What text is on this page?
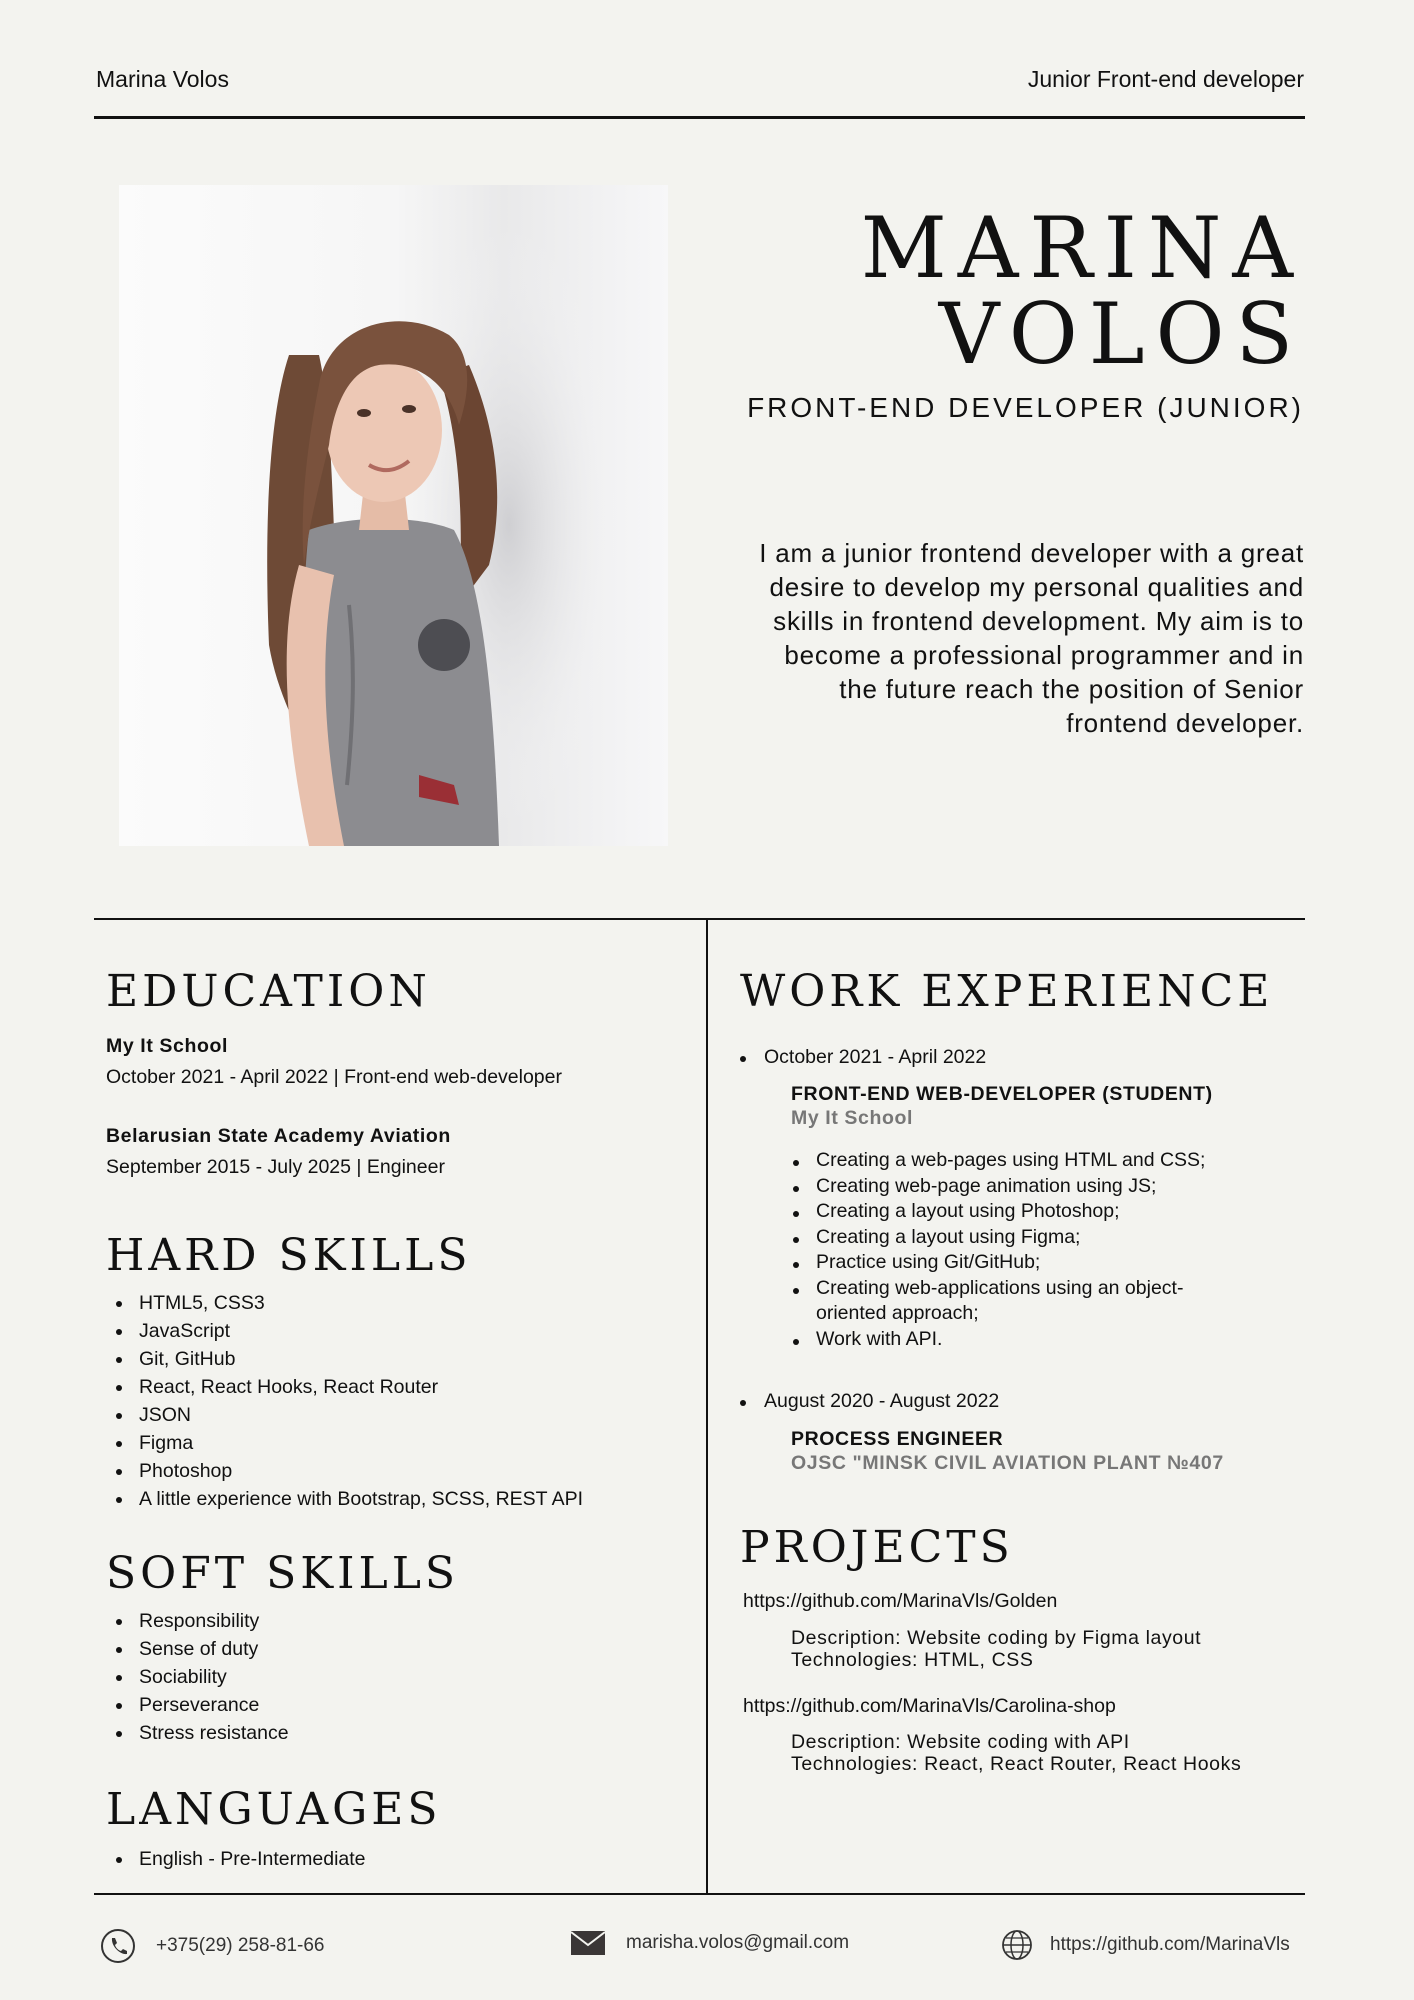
Marina Volos	Junior Front-end developer
MARINA
VOLOS
FRONT-END DEVELOPER (JUNIOR)
I am a junior frontend developer with a great desire to develop my personal qualities and skills in frontend development. My aim is to become a professional programmer and in the future reach the position of Senior frontend developer.
EDUCATION
My It School
October 2021 - April 2022 | Front-end web-developer
Belarusian State Academy Aviation
September 2015 - July 2025 | Engineer
HARD SKILLS
HTML5, CSS3
JavaScript
Git, GitHub
React, React Hooks, React Router
JSON
Figma
Photoshop
A little experience with Bootstrap, SCSS, REST API
SOFT SKILLS
Responsibility
Sense of duty
Sociability
Perseverance
Stress resistance
LANGUAGES
English - Pre-Intermediate
WORK EXPERIENCE
October 2021 - April 2022
FRONT-END WEB-DEVELOPER (STUDENT)
My It School
Creating a web-pages using HTML and CSS;
Creating web-page animation using JS;
Creating a layout using Photoshop;
Creating a layout using Figma;
Practice using Git/GitHub;
Creating web-applications using an object-oriented approach;
Work with API.
August 2020 - August 2022
PROCESS ENGINEER
OJSC "MINSK CIVIL AVIATION PLANT №407
PROJECTS
https://github.com/MarinaVls/Golden
Description: Website coding by Figma layout
Technologies: HTML, CSS
https://github.com/MarinaVls/Carolina-shop
Description: Website coding with API
Technologies: React, React Router, React Hooks
+375(29) 258-81-66	marisha.volos@gmail.com	https://github.com/MarinaVls
